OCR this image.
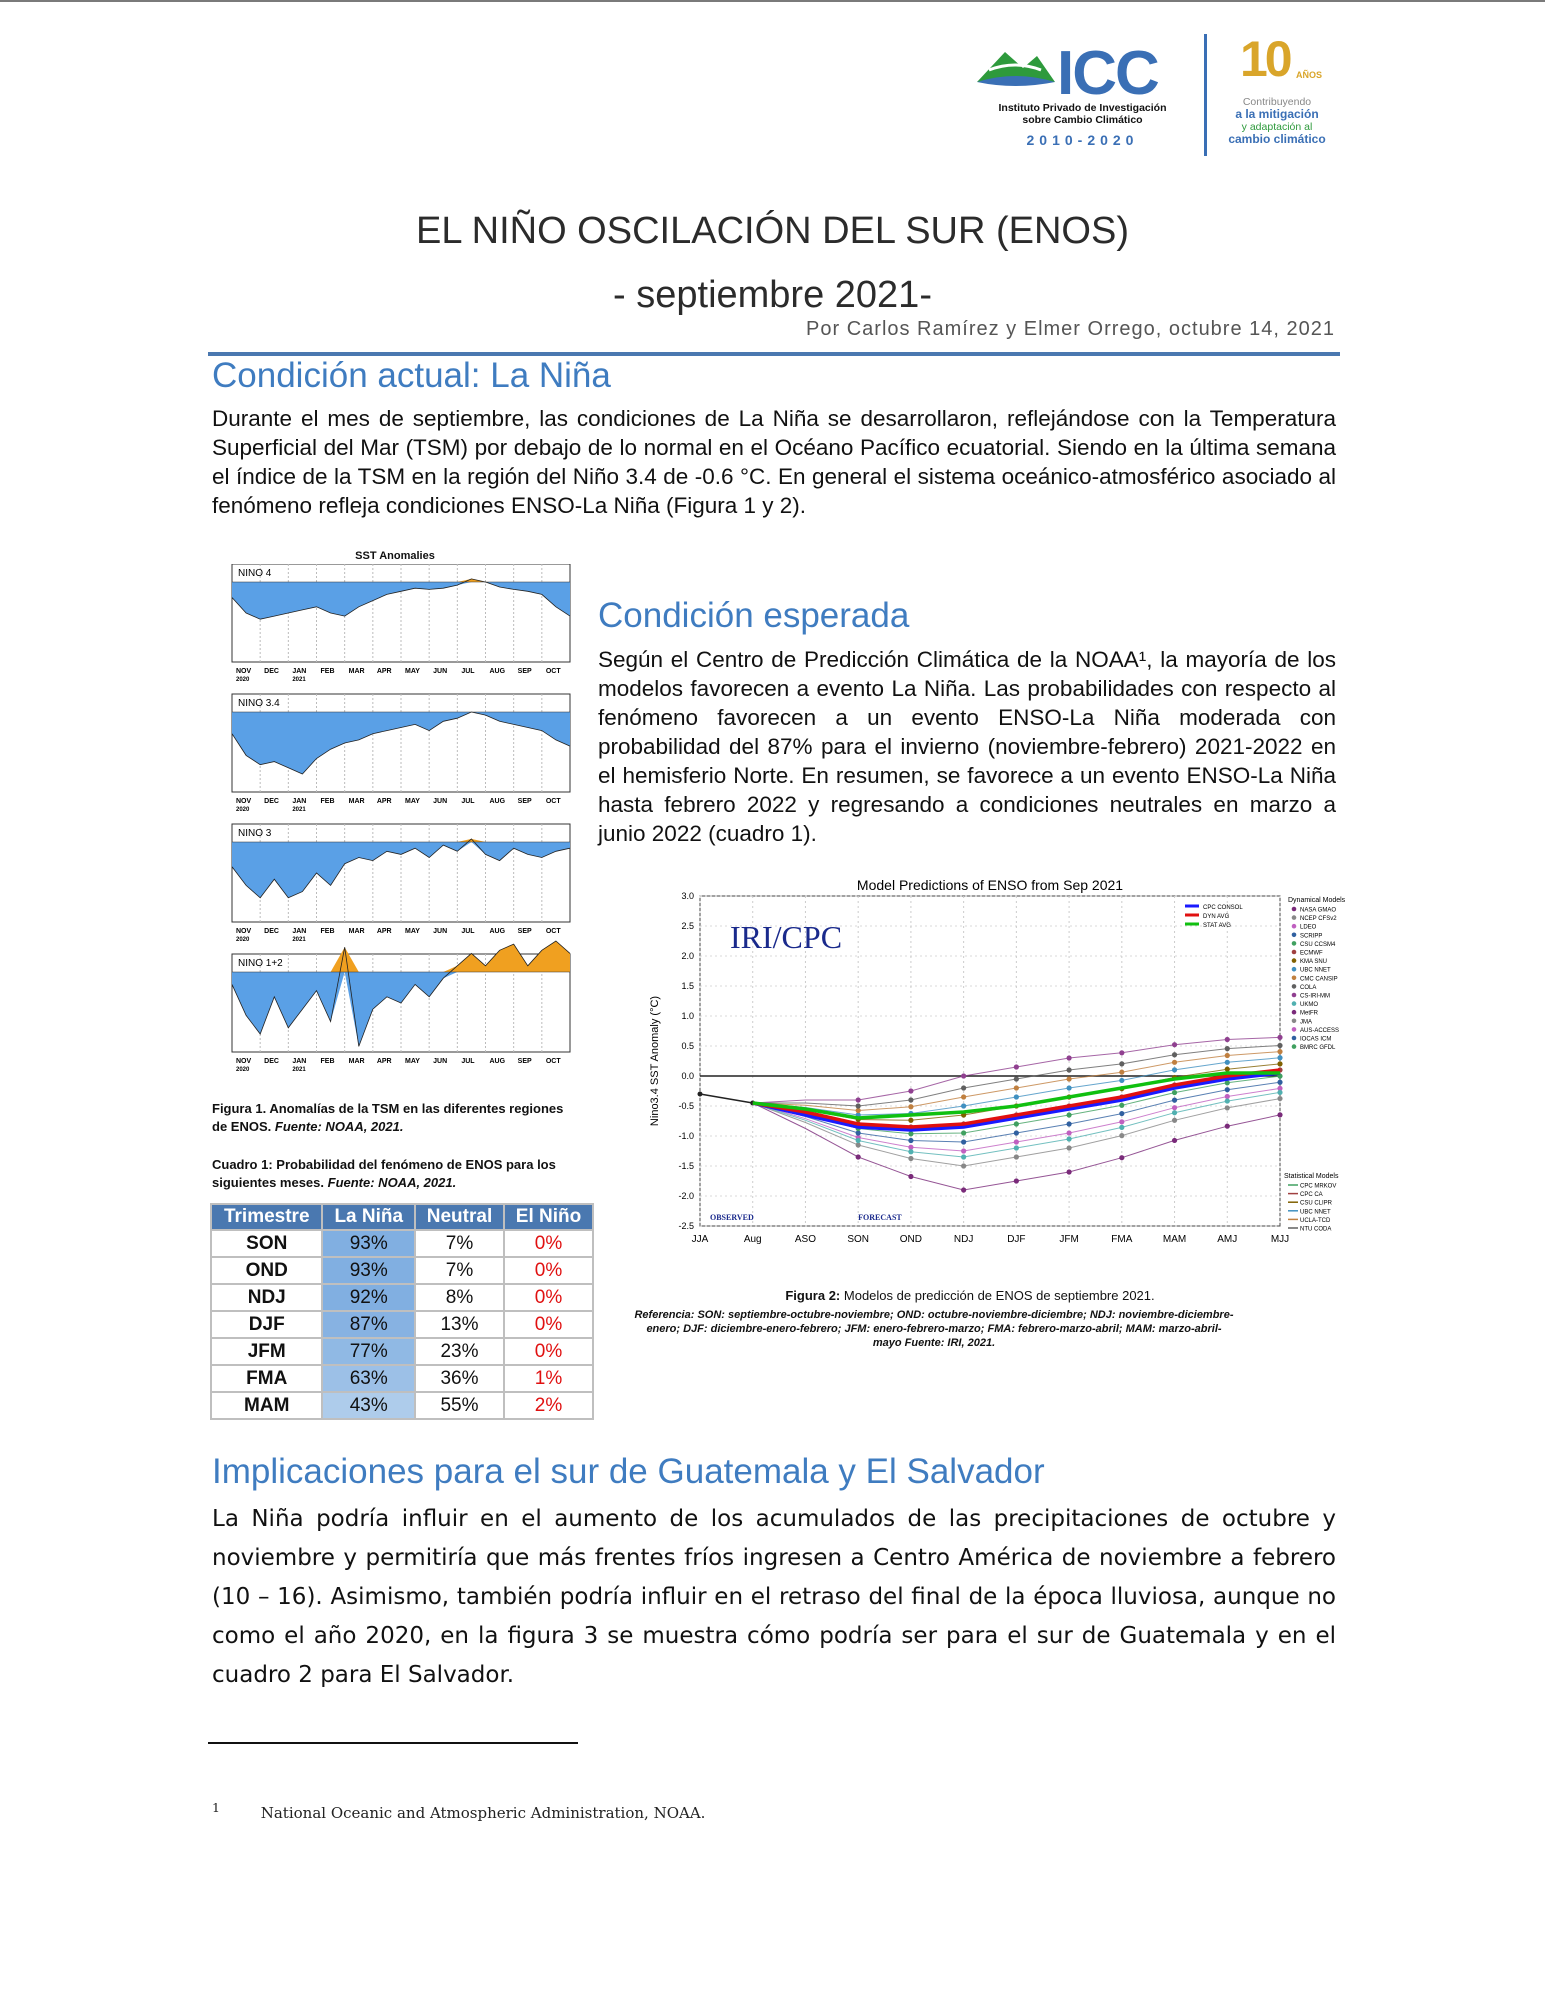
ICC
Instituto Privado de Investigación
sobre Cambio Climático
2010-2020
10 AÑOS
Contribuyendo
a la mitigación
y adaptación al
cambio climático
EL NIÑO OSCILACIÓN DEL SUR (ENOS)
- septiembre 2021-
Por Carlos Ramírez y Elmer Orrego, octubre 14, 2021
Condición actual: La Niña
Durante el mes de septiembre, las condiciones de La Niña se desarrollaron, reflejándose con la Temperatura Superficial del Mar (TSM) por debajo de lo normal en el Océano Pacífico ecuatorial. Siendo en la última semana el índice de la TSM en la región del Niño 3.4 de -0.6 °C. En general el sistema oceánico-atmosférico asociado al fenómeno refleja condiciones ENSO-La Niña (Figura 1 y 2).
SST Anomalies
NINO 4
NOV DEC JAN FEB MAR APR MAY JUN JUL AUG SEP OCT
2020	2021
NINO 3.4
NOV DEC JAN FEB MAR APR MAY JUN JUL AUG SEP OCT
2020	2021
NINO 3
NOV DEC JAN FEB MAR APR MAY JUN JUL AUG SEP OCT
2020	2021
NINO 1+2
NOV DEC JAN FEB MAR APR MAY JUN JUL AUG SEP OCT
2020	2021
Figura 1. Anomalías de la TSM en las diferentes regiones de ENOS. Fuente: NOAA, 2021.
Cuadro 1: Probabilidad del fenómeno de ENOS para los siguientes meses. Fuente: NOAA, 2021.
Trimestre	La Niña	Neutral	El Niño
SON	93%	7%	0%
OND	93%	7%	0%
NDJ	92%	8%	0%
DJF	87%	13%	0%
JFM	77%	23%	0%
FMA	63%	36%	1%
MAM	43%	55%	2%
Condición esperada
Según el Centro de Predicción Climática de la NOAA¹, la mayoría de los modelos favorecen a evento La Niña. Las probabilidades con respecto al fenómeno favorecen a un evento ENSO-La Niña moderada con probabilidad del 87% para el invierno (noviembre-febrero) 2021-2022 en el hemisferio Norte. En resumen, se favorece a un evento ENSO-La Niña hasta febrero 2022 y regresando a condiciones neutrales en marzo a junio 2022 (cuadro 1).
JJA	Aug	ASO	SON	OND	NDJ	DJF	JFM	FMA	MAM	AMJ	MJJ
3.0
2.5
2.0
1.5
1.0
0.5
0.0
-0.5
-1.0
-1.5
-2.0
-2.5
Model Predictions of ENSO from Sep 2021
Nino3.4 SST Anomaly (°C)
IRI/CPC
OBSERVED	FORECAST
CPC CONSOL
DYN AVG
STAT AVG
Dynamical Models
NASA GMAO
NCEP CFSv2
LDEO
SCRIPP
CSU CCSM4
ECMWF
KMA SNU
UBC NNET
CMC CANSIP
COLA
CS-IRI-MM
UKMO
MetFR
JMA
AUS-ACCESS
IOCAS ICM
BMRC GFDL
Statistical Models
CPC MRKOV
CPC CA
CSU CLIPR
UBC NNET
UCLA-TCD
NTU CODA
Figura 2: Modelos de predicción de ENOS de septiembre 2021.
Referencia: SON: septiembre-octubre-noviembre; OND: octubre-noviembre-diciembre; NDJ: noviembre-diciembre-enero; DJF: diciembre-enero-febrero; JFM: enero-febrero-marzo; FMA: febrero-marzo-abril; MAM: marzo-abril-mayo Fuente: IRI, 2021.
Implicaciones para el sur de Guatemala y El Salvador
La Niña podría influir en el aumento de los acumulados de las precipitaciones de octubre y noviembre y permitiría que más frentes fríos ingresen a Centro América de noviembre a febrero (10 – 16). Asimismo, también podría influir en el retraso del final de la época lluviosa, aunque no como el año 2020, en la figura 3 se muestra cómo podría ser para el sur de Guatemala y en el cuadro 2 para El Salvador.
$^1$	National Oceanic and Atmospheric Administration, NOAA.
